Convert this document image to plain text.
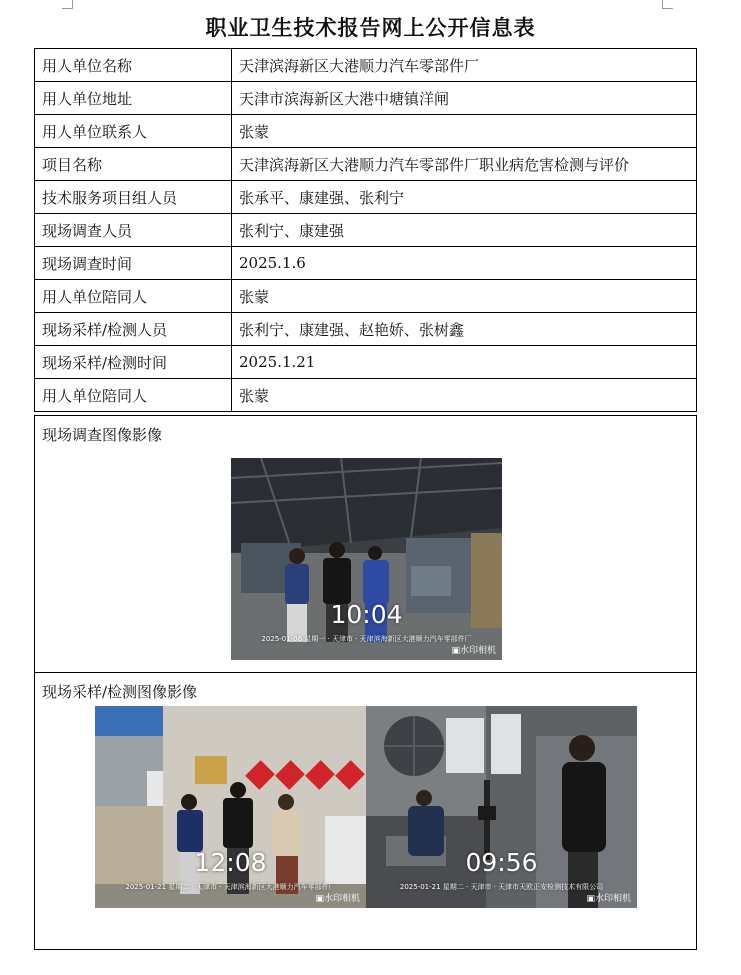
职业卫生技术报告网上公开信息表
用人单位名称	天津滨海新区大港顺力汽车零部件厂
用人单位地址	天津市滨海新区大港中塘镇洋闸
用人单位联系人	张蒙
项目名称	天津滨海新区大港顺力汽车零部件厂职业病危害检测与评价
技术服务项目组人员	张承平、康建强、张利宁
现场调查人员	张利宁、康建强
现场调查时间	2025.1.6
用人单位陪同人	张蒙
现场采样/检测人员	张利宁、康建强、赵艳娇、张树鑫
现场采样/检测时间	2025.1.21
用人单位陪同人	张蒙
现场调查图像影像
10:04
2025-01-06 星期一 · 天津市 · 天津滨海新区大港顺力汽车零部件厂
▣水印相机
现场采样/检测图像影像
12:08
2025-01-21 星期二 · 天津市 · 天津滨海新区大港顺力汽车零部件厂
▣水印相机
09:56
2025-01-21 星期二 · 天津市 · 天津市天欧正安检测技术有限公司
▣水印相机
